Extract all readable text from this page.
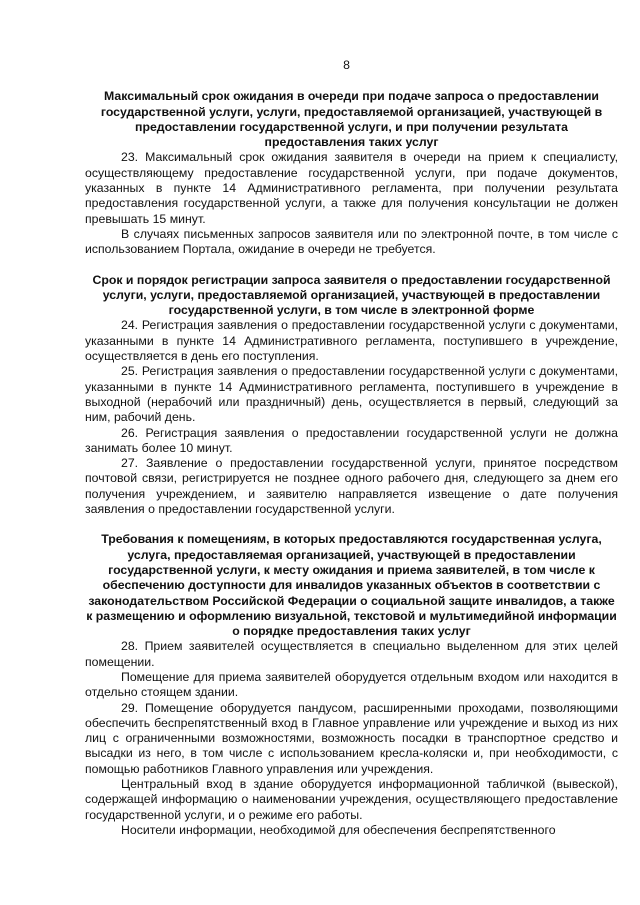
8

Максимальный срок ожидания в очереди при подаче запроса о предоставлении государственной услуги, услуги, предоставляемой организацией, участвующей в предоставлении государственной услуги, и при получении результата предоставления таких услуг

23. Максимальный срок ожидания заявителя в очереди на прием к специалисту, осуществляющему предоставление государственной услуги, при подаче документов, указанных в пункте 14 Административного регламента, при получении результата предоставления государственной услуги, а также для получения консультации не должен превышать 15 минут.

В случаях письменных запросов заявителя или по электронной почте, в том числе с использованием Портала, ожидание в очереди не требуется.

Срок и порядок регистрации запроса заявителя о предоставлении государственной услуги, услуги, предоставляемой организацией, участвующей в предоставлении государственной услуги, в том числе в электронной форме

24. Регистрация заявления о предоставлении государственной услуги с документами, указанными в пункте 14 Административного регламента, поступившего в учреждение, осуществляется в день его поступления.

25. Регистрация заявления о предоставлении государственной услуги с документами, указанными в пункте 14 Административного регламента, поступившего в учреждение в выходной (нерабочий или праздничный) день, осуществляется в первый, следующий за ним, рабочий день.

26. Регистрация заявления о предоставлении государственной услуги не должна занимать более 10 минут.

27. Заявление о предоставлении государственной услуги, принятое посредством почтовой связи, регистрируется не позднее одного рабочего дня, следующего за днем его получения учреждением, и заявителю направляется извещение о дате получения заявления о предоставлении государственной услуги.

Требования к помещениям, в которых предоставляются государственная услуга, услуга, предоставляемая организацией, участвующей в предоставлении государственной услуги, к месту ожидания и приема заявителей, в том числе к обеспечению доступности для инвалидов указанных объектов в соответствии с законодательством Российской Федерации о социальной защите инвалидов, а также к размещению и оформлению визуальной, текстовой и мультимедийной информации о порядке предоставления таких услуг

28. Прием заявителей осуществляется в специально выделенном для этих целей помещении.

Помещение для приема заявителей оборудуется отдельным входом или находится в отдельно стоящем здании.

29. Помещение оборудуется пандусом, расширенными проходами, позволяющими обеспечить беспрепятственный вход в Главное управление или учреждение и выход из них лиц с ограниченными возможностями, возможность посадки в транспортное средство и высадки из него, в том числе с использованием кресла-коляски и, при необходимости, с помощью работников Главного управления или учреждения.

Центральный вход в здание оборудуется информационной табличкой (вывеской), содержащей информацию о наименовании учреждения, осуществляющего предоставление государственной услуги, и о режиме его работы.

Носители информации, необходимой для обеспечения беспрепятственного
